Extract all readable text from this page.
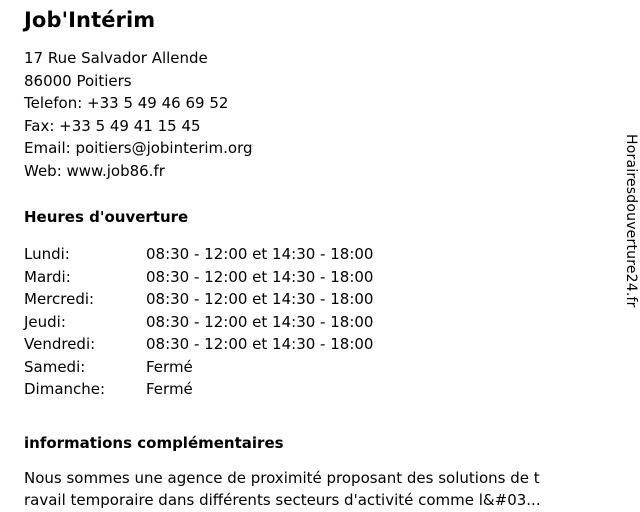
Job'Intérim
17 Rue Salvador Allende
86000 Poitiers
Telefon: +33 5 49 46 69 52
Fax: +33 5 49 41 15 45
Email: poitiers@jobinterim.org
Web: www.job86.fr
Heures d'ouverture
Lundi:	08:30 - 12:00 et 14:30 - 18:00
Mardi:	08:30 - 12:00 et 14:30 - 18:00
Mercredi:	08:30 - 12:00 et 14:30 - 18:00
Jeudi:	08:30 - 12:00 et 14:30 - 18:00
Vendredi:	08:30 - 12:00 et 14:30 - 18:00
Samedi:	Fermé
Dimanche:	Fermé
informations complémentaires
Nous sommes une agence de proximité proposant des solutions de t
ravail temporaire dans différents secteurs d'activité comme l&#03...
Horairesdouverture24.fr
